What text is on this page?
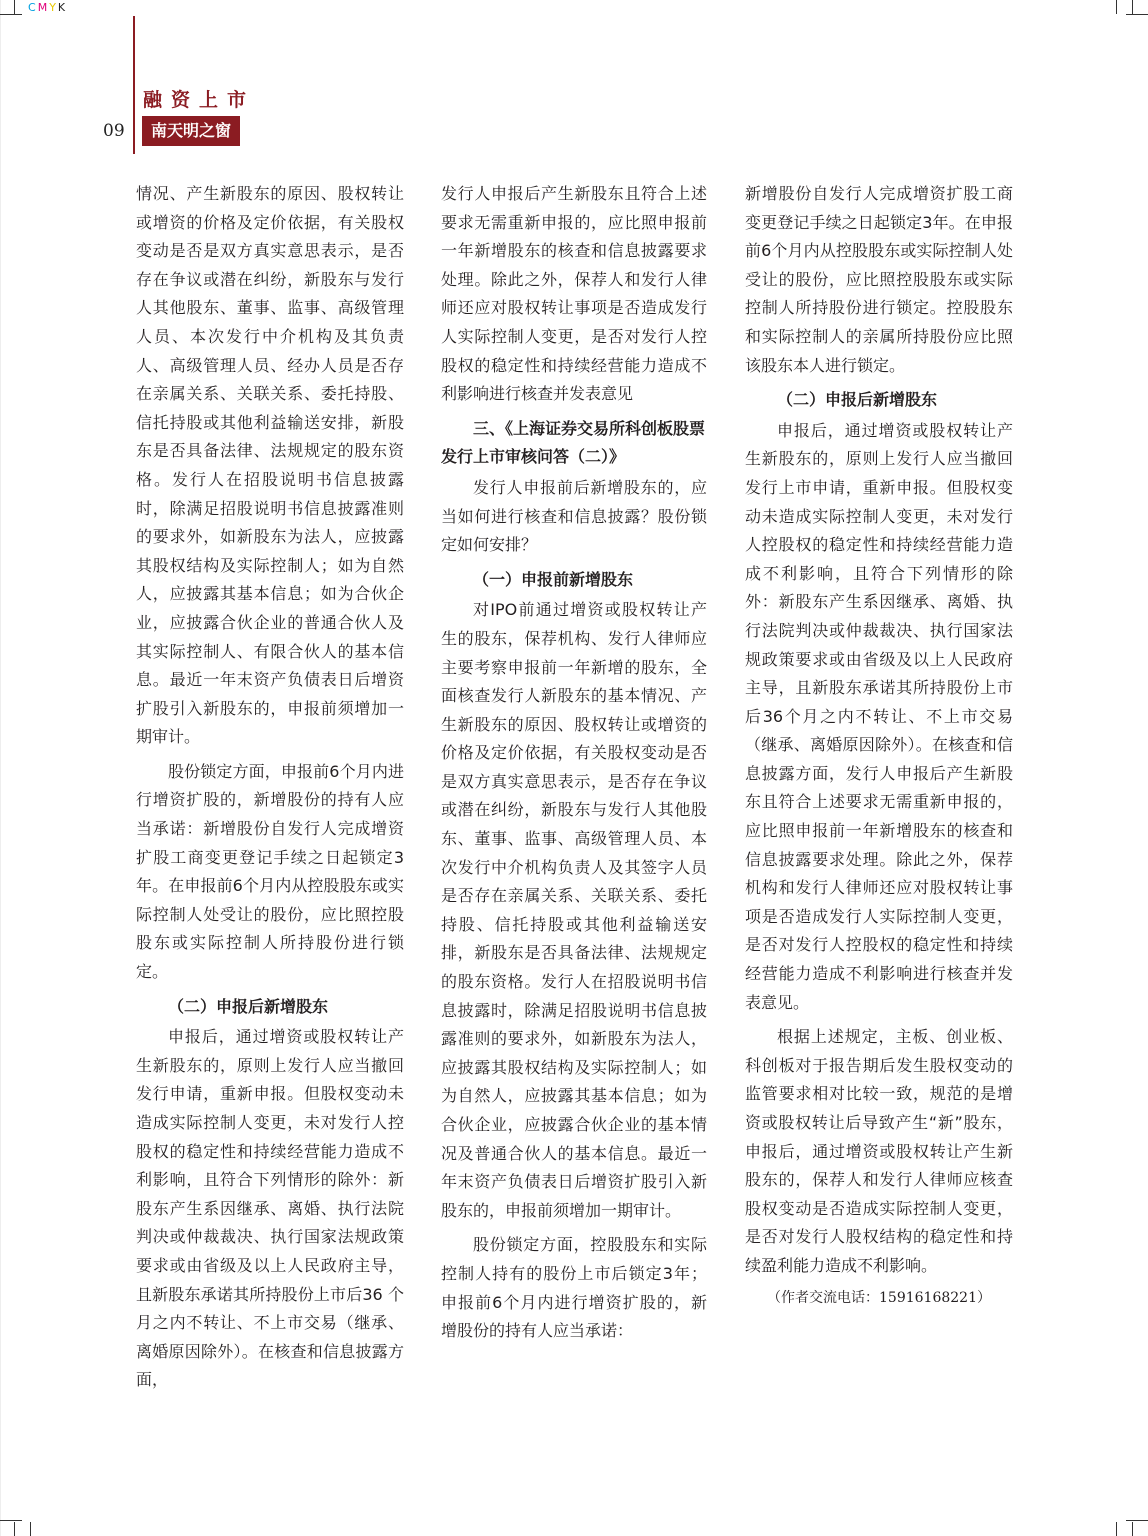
CMYK
融资上市
09	南天明之窗

情况、产生新股东的原因、股权转让或增资的价格及定价依据，有关股权变动是否是双方真实意思表示，是否存在争议或潜在纠纷，新股东与发行人其他股东、董事、监事、高级管理人员、本次发行中介机构及其负责人、高级管理人员、经办人员是否存在亲属关系、关联关系、委托持股、信托持股或其他利益输送安排，新股东是否具备法律、法规规定的股东资格。发行人在招股说明书信息披露时，除满足招股说明书信息披露准则的要求外，如新股东为法人，应披露其股权结构及实际控制人；如为自然人，应披露其基本信息；如为合伙企业，应披露合伙企业的普通合伙人及其实际控制人、有限合伙人的基本信息。最近一年末资产负债表日后增资扩股引入新股东的，申报前须增加一期审计。

股份锁定方面，申报前6个月内进行增资扩股的，新增股份的持有人应当承诺：新增股份自发行人完成增资扩股工商变更登记手续之日起锁定3年。在申报前6个月内从控股股东或实际控制人处受让的股份，应比照控股股东或实际控制人所持股份进行锁定。

（二）申报后新增股东

申报后，通过增资或股权转让产生新股东的，原则上发行人应当撤回发行申请，重新申报。但股权变动未造成实际控制人变更，未对发行人控股权的稳定性和持续经营能力造成不利影响，且符合下列情形的除外：新股东产生系因继承、离婚、执行法院判决或仲裁裁决、执行国家法规政策要求或由省级及以上人民政府主导，且新股东承诺其所持股份上市后36 个月之内不转让、不上市交易（继承、离婚原因除外）。在核查和信息披露方面，

发行人申报后产生新股东且符合上述要求无需重新申报的，应比照申报前一年新增股东的核查和信息披露要求处理。除此之外，保荐人和发行人律师还应对股权转让事项是否造成发行人实际控制人变更，是否对发行人控股权的稳定性和持续经营能力造成不利影响进行核查并发表意见

三、《上海证券交易所科创板股票发行上市审核问答（二）》

发行人申报前后新增股东的，应当如何进行核查和信息披露？股份锁定如何安排？

（一）申报前新增股东

对IPO前通过增资或股权转让产生的股东，保荐机构、发行人律师应主要考察申报前一年新增的股东，全面核查发行人新股东的基本情况、产生新股东的原因、股权转让或增资的价格及定价依据，有关股权变动是否是双方真实意思表示，是否存在争议或潜在纠纷，新股东与发行人其他股东、董事、监事、高级管理人员、本次发行中介机构负责人及其签字人员是否存在亲属关系、关联关系、委托持股、信托持股或其他利益输送安排，新股东是否具备法律、法规规定的股东资格。发行人在招股说明书信息披露时，除满足招股说明书信息披露准则的要求外，如新股东为法人，应披露其股权结构及实际控制人；如为自然人，应披露其基本信息；如为合伙企业，应披露合伙企业的基本情况及普通合伙人的基本信息。最近一年末资产负债表日后增资扩股引入新股东的，申报前须增加一期审计。

股份锁定方面，控股股东和实际控制人持有的股份上市后锁定3年；申报前6个月内进行增资扩股的，新增股份的持有人应当承诺：

新增股份自发行人完成增资扩股工商变更登记手续之日起锁定3年。在申报前6个月内从控股股东或实际控制人处受让的股份，应比照控股股东或实际控制人所持股份进行锁定。控股股东和实际控制人的亲属所持股份应比照该股东本人进行锁定。

（二）申报后新增股东

申报后，通过增资或股权转让产生新股东的，原则上发行人应当撤回发行上市申请，重新申报。但股权变动未造成实际控制人变更，未对发行人控股权的稳定性和持续经营能力造成不利影响，且符合下列情形的除外：新股东产生系因继承、离婚、执行法院判决或仲裁裁决、执行国家法规政策要求或由省级及以上人民政府主导，且新股东承诺其所持股份上市后36个月之内不转让、不上市交易（继承、离婚原因除外）。在核查和信息披露方面，发行人申报后产生新股东且符合上述要求无需重新申报的，应比照申报前一年新增股东的核查和信息披露要求处理。除此之外，保荐机构和发行人律师还应对股权转让事项是否造成发行人实际控制人变更，是否对发行人控股权的稳定性和持续经营能力造成不利影响进行核查并发表意见。

根据上述规定，主板、创业板、科创板对于报告期后发生股权变动的监管要求相对比较一致，规范的是增资或股权转让后导致产生“新”股东，申报后，通过增资或股权转让产生新股东的，保荐人和发行人律师应核查股权变动是否造成实际控制人变更，是否对发行人股权结构的稳定性和持续盈利能力造成不利影响。

（作者交流电话：15916168221）
